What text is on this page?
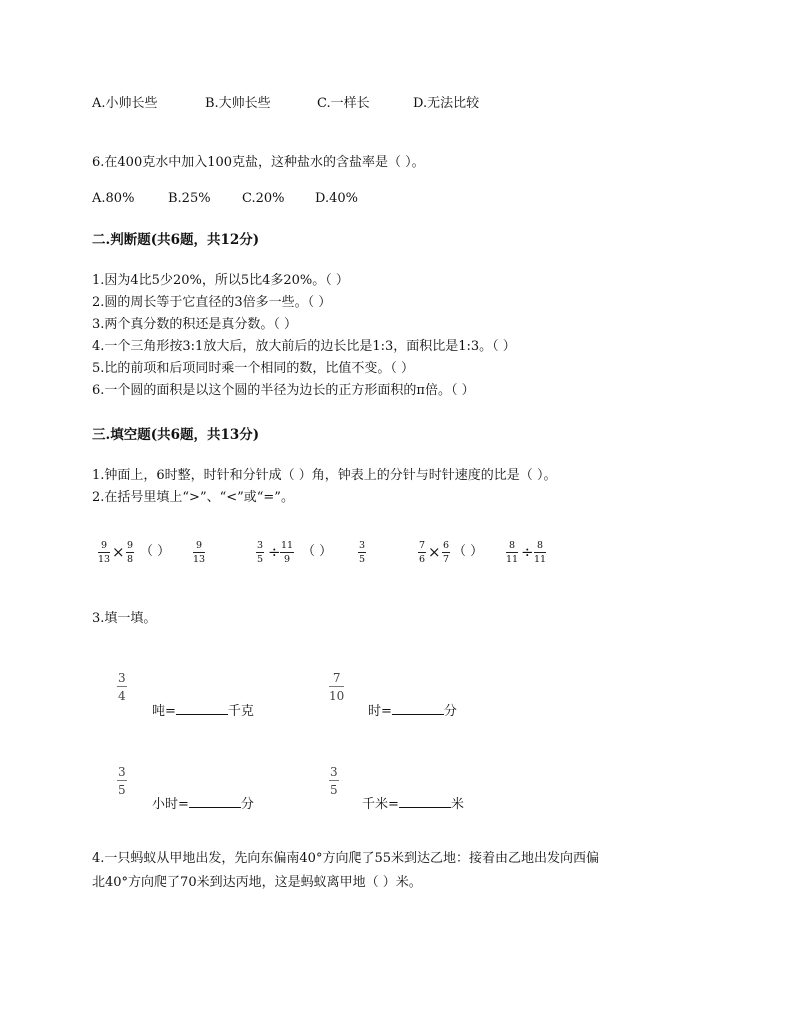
A.小帅长些	B.大帅长些	C.一样长	D.无法比较
6.在400克水中加入100克盐，这种盐水的含盐率是（ ）。
A.80%	B.25% C.20% D.40%
二.判断题(共6题，共12分)
1.因为4比5少20%，所以5比4多20%。（ ）
2.圆的周长等于它直径的3倍多一些。（ ）
3.两个真分数的积还是真分数。（ ）
4.一个三角形按3:1放大后，放大前后的边长比是1:3，面积比是1:3。（ ）
5.比的前项和后项同时乘一个相同的数，比值不变。（ ）
6.一个圆的面积是以这个圆的半径为边长的正方形面积的π倍。（ ）
三.填空题(共6题，共13分)
1.钟面上，6时整，时针和分针成（ ）角，钟表上的分针与时针速度的比是（ ）。
2.在括号里填上“>”、“<”或“=”。
9
13 × 9
8
（ ）	9
13
3
5 ÷ 11
9
（ ）	3
5
7
6 × 6
7
（ ）	8
11 ÷ 8
11
3.填一填。
3
4
吨=	千克
7
10
时=	分
3
5
小时=	分
3
5
千米=	米
4.一只蚂蚁从甲地出发，先向东偏南40°方向爬了55米到达乙地：接着由乙地出发向西偏
北40°方向爬了70米到达丙地，这是蚂蚁离甲地（ ）米。
